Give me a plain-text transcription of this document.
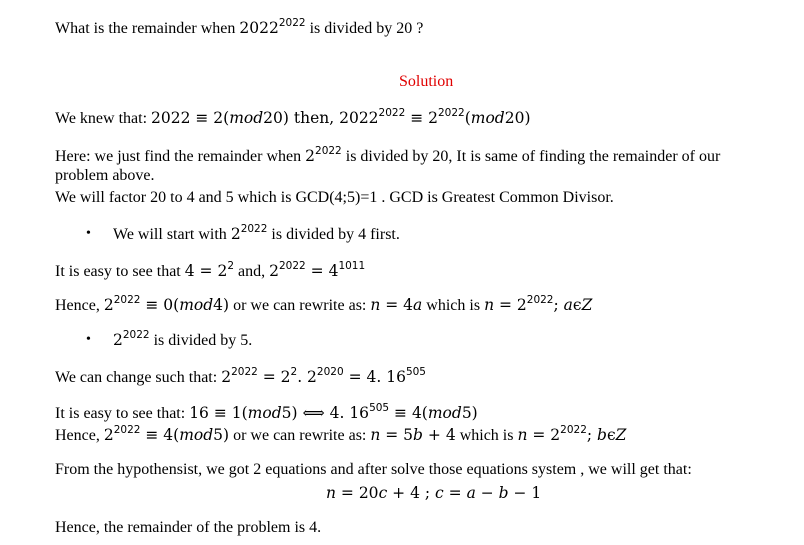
What is the remainder when $2022^{2022}$ is divided by 20 ?
Solution
We knew that: 2022 ≡ 2(mod20) then, $2022^{2022} \equiv 2^{2022}(mod20)$
Here: we just find the remainder when $2^{2022}$ is divided by 20, It is same of finding the remainder of our
problem above.
We will factor 20 to 4 and 5 which is GCD(4;5)=1 . GCD is Greatest Common Divisor.
• We will start with $2^{2022}$ is divided by 4 first.
It is easy to see that $4 = 2^2$ and, $2^{2022} = 4^{1011}$
Hence, $2^{2022} \equiv 0(mod4)$ or we can rewrite as: n = 4a which is $n = 2^{2022}$; aϵZ
• $2^{2022}$ is divided by 5.
We can change such that: $2^{2022} = 2^2$. $2^{2020} = 4$. $16^{505}$
It is easy to see that: 16 ≡ 1(mod5) ⟺ 4. $16^{505} \equiv 4(mod5)$
Hence, $2^{2022} \equiv 4(mod5)$ or we can rewrite as: n = 5b + 4 which is $n = 2^{2022}$; bϵZ
From the hypothensist, we got 2 equations and after solve those equations system , we will get that:
n = 20c + 4 ; c = a − b − 1
Hence, the remainder of the problem is 4.
